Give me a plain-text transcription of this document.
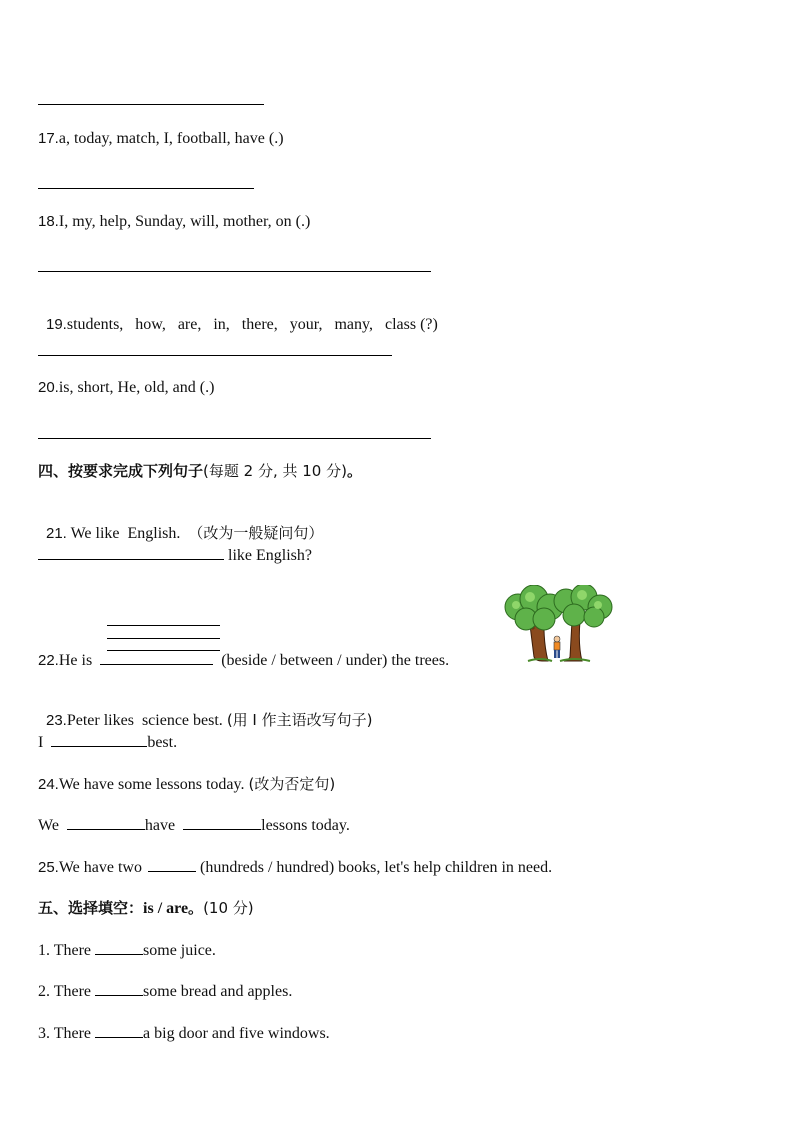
17.a, today, match, I, football, have (.)
18.I, my, help, Sunday, will, mother, on (.)

19.students,   how,   are,   in,   there,   your,   many,   class (?)

20.is, short, He, old, and (.)
四、按要求完成下列句子(每题 2 分, 共 10 分)。

21. We like  English. （改为一般疑问句）

like English?
22.He is	(beside / between / under) the trees.

23.Peter likes  science best. (用 I 作主语改写句子)

I	best.
24.We have some lessons today. (改为否定句)
We	have	lessons today.
25.We have two	(hundreds / hundred) books, let's help children in need.
五、选择填空：is / are。(10 分)
1. There	some juice.
2. There	some bread and apples.
3. There	a big door and five windows.
